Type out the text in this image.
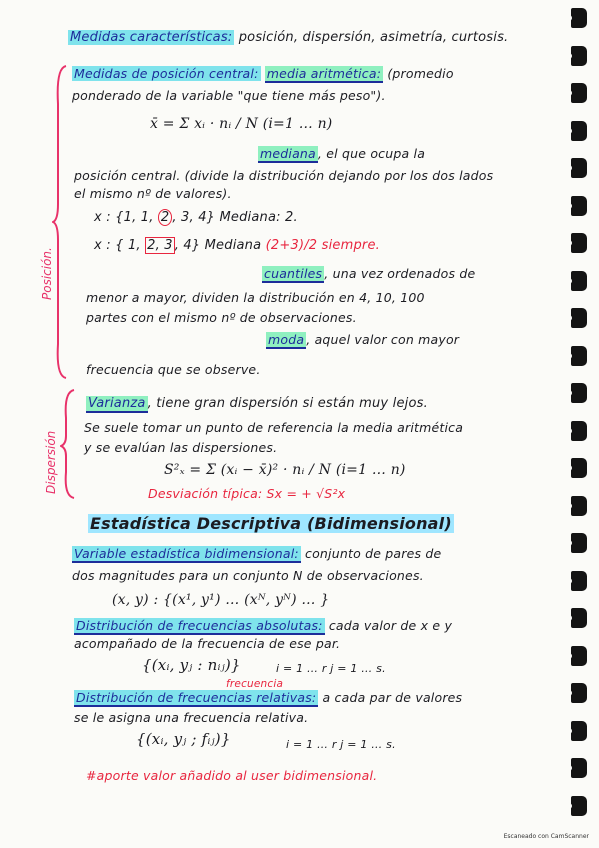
Medidas características: posición, dispersión, asimetría, curtosis.
Posición.
Medidas de posición central: media aritmética: (promedio
ponderado de la variable "que tiene más peso").
x̄ = Σ xᵢ · nᵢ / N (i=1 … n)
mediana , el que ocupa la
posición central. (divide la distribución dejando por los dos lados
el mismo nº de valores).
x : {1, 1, 2 , 3, 4} Mediana: 2.
x : { 1, 2, 3 , 4} Mediana (2+3)/2 siempre.
cuantiles , una vez ordenados de
menor a mayor, dividen la distribución en 4, 10, 100
partes con el mismo nº de observaciones.
moda , aquel valor con mayor
frecuencia que se observe.
Dispersión
Varianza , tiene gran dispersión si están muy lejos.
Se suele tomar un punto de referencia la media aritmética
y se evalúan las dispersiones.
S²ₓ = Σ (xᵢ − x̄)² · nᵢ / N (i=1 … n)
Desviación típica: Sx = + √S²x
Estadística Descriptiva (Bidimensional)
Variable estadística bidimensional: conjunto de pares de
dos magnitudes para un conjunto N de observaciones.
(x, y) : {(x¹, y¹) … (xᴺ, yᴺ) … }
Distribución de frecuencias absolutas: cada valor de x e y
acompañado de la frecuencia de ese par.
{(xᵢ, yⱼ : nᵢⱼ)}	i = 1 … r j = 1 … s.
frecuencia
Distribución de frecuencias relativas: a cada par de valores
se le asigna una frecuencia relativa.
{(xᵢ, yⱼ ; fᵢⱼ)}	i = 1 … r j = 1 … s.
#aporte valor añadido al user bidimensional.
Escaneado con CamScanner
